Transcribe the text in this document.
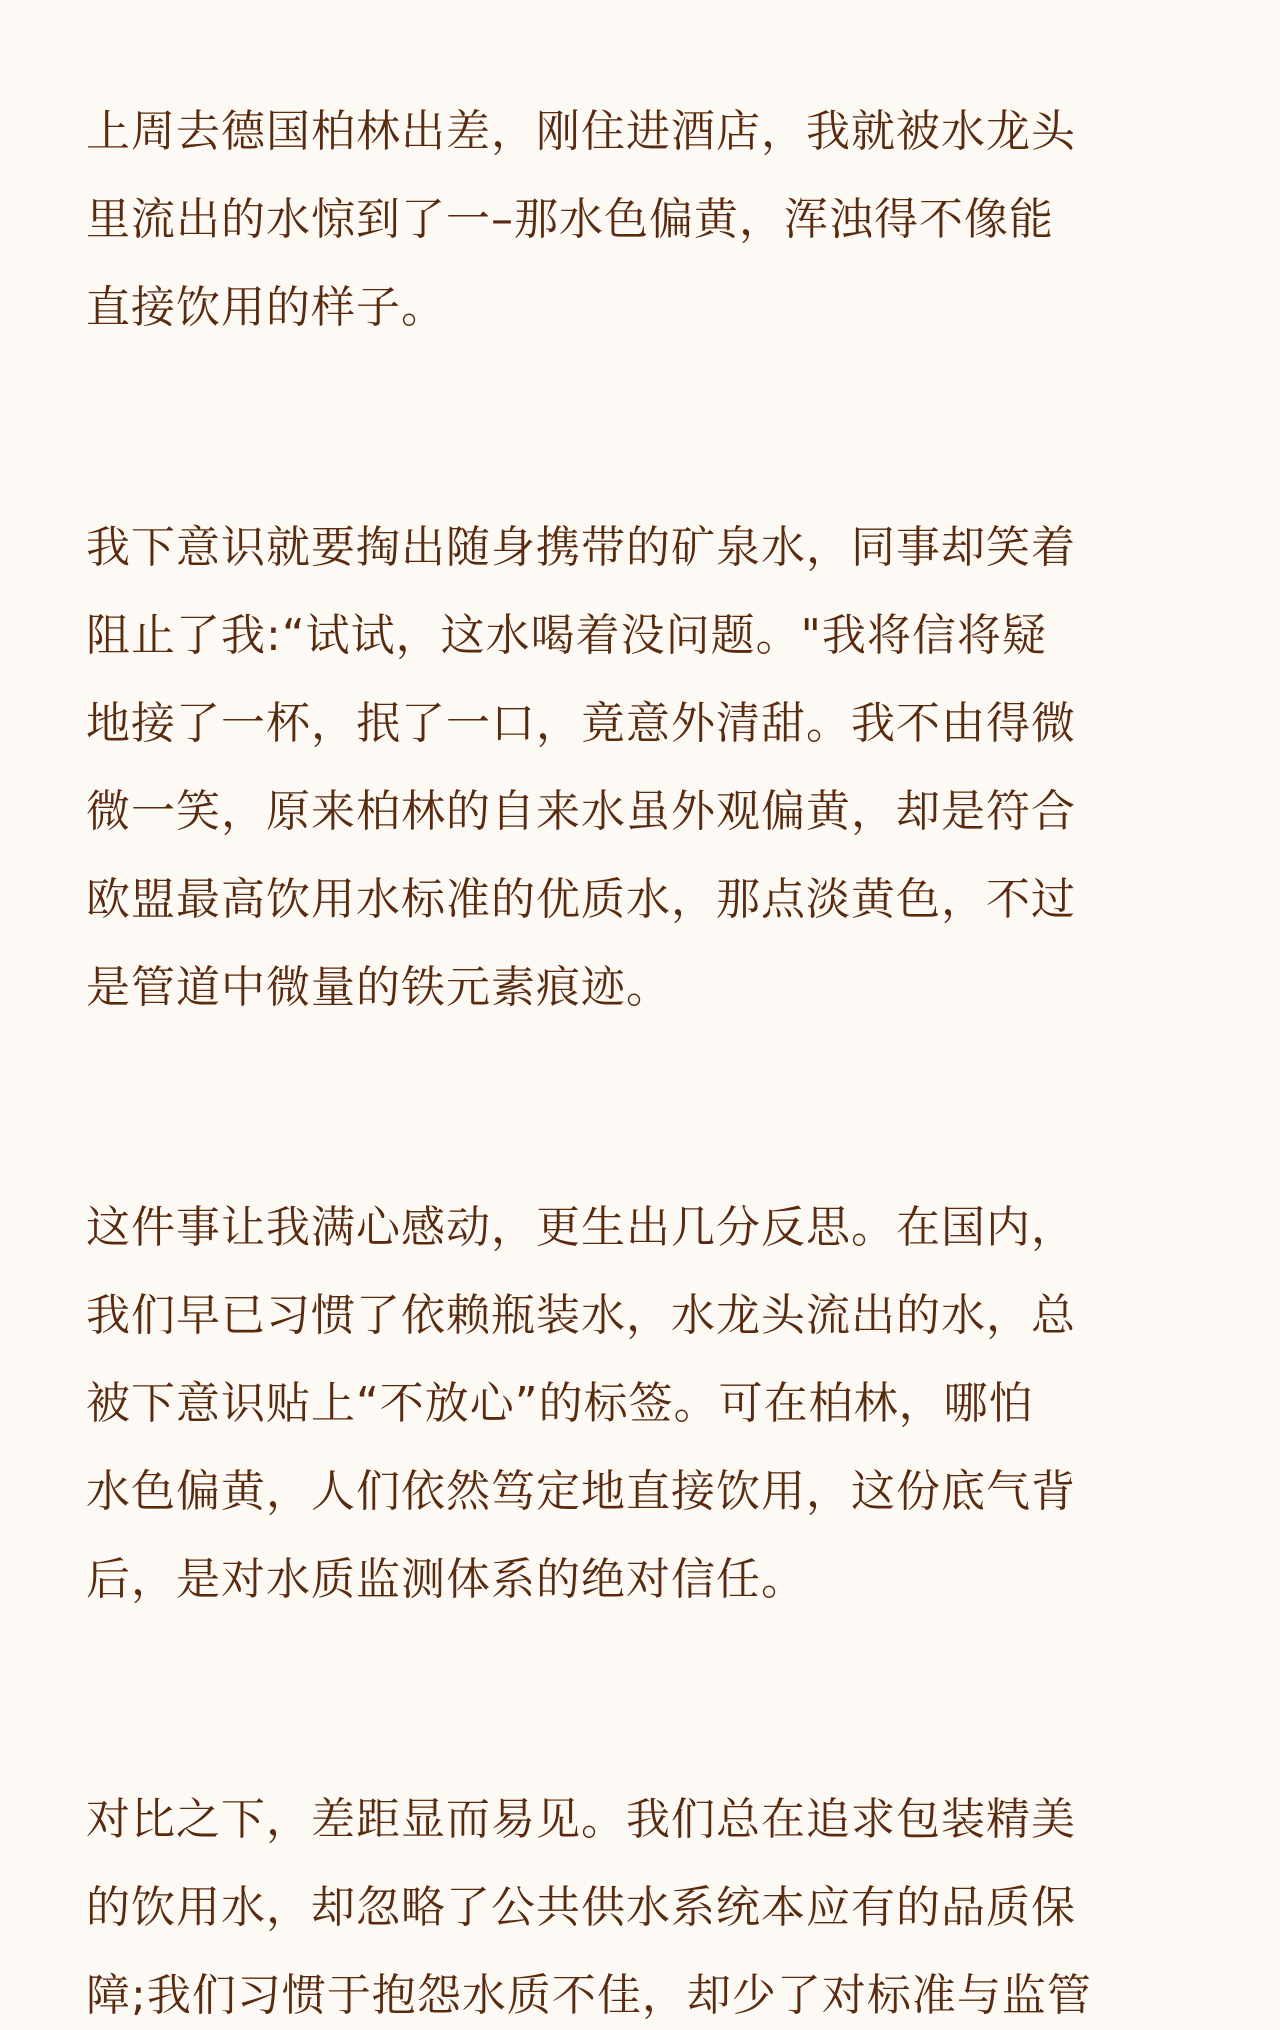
上周去德国柏林出差，刚住进酒店，我就被水龙头
里流出的水惊到了一–那水色偏黄，浑浊得不像能
直接饮用的样子。

我下意识就要掏出随身携带的矿泉水，同事却笑着
阻止了我:“试试，这水喝着没问题。"我将信将疑
地接了一杯，抿了一口，竟意外清甜。我不由得微
微一笑，原来柏林的自来水虽外观偏黄，却是符合
欧盟最高饮用水标准的优质水，那点淡黄色，不过
是管道中微量的铁元素痕迹。

这件事让我满心感动，更生出几分反思。在国内，
我们早已习惯了依赖瓶装水，水龙头流出的水，总
被下意识贴上“不放心”的标签。可在柏林，哪怕
水色偏黄，人们依然笃定地直接饮用，这份底气背
后，是对水质监测体系的绝对信任。

对比之下，差距显而易见。我们总在追求包装精美
的饮用水，却忽略了公共供水系统本应有的品质保
障;我们习惯于抱怨水质不佳，却少了对标准与监管
